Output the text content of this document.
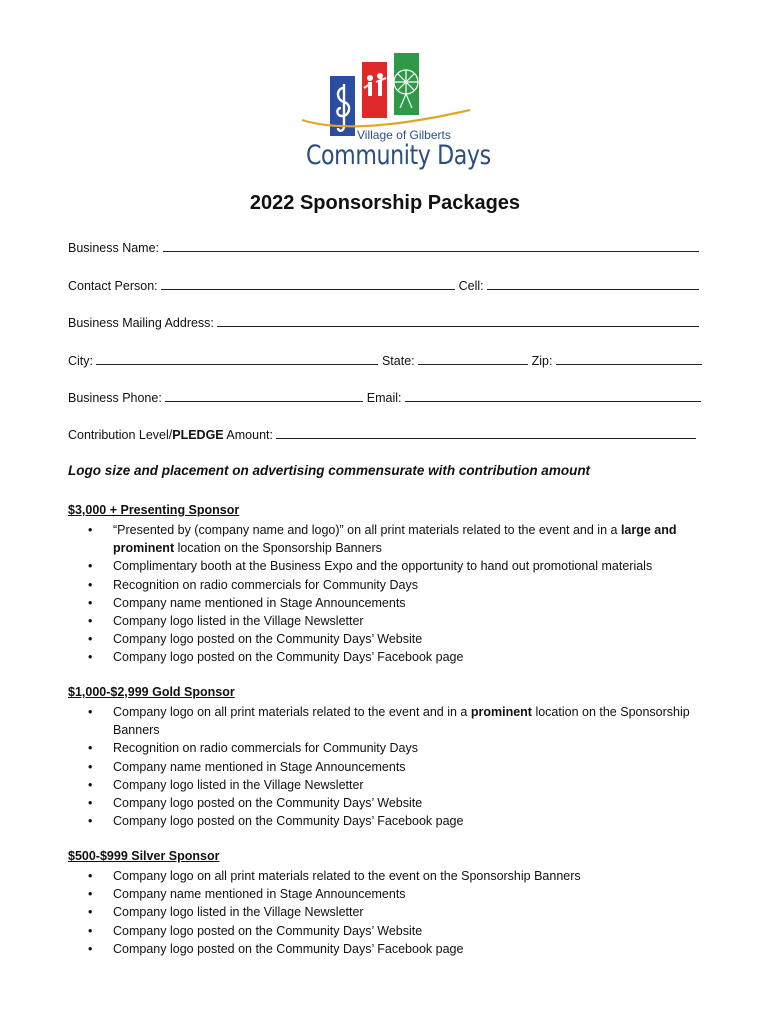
Village of Gilberts
Community Days
2022 Sponsorship Packages
Business Name:
Contact Person:	Cell:
Business Mailing Address:
City:	State:	Zip:
Business Phone:	Email:
Contribution Level/PLEDGE Amount:
Logo size and placement on advertising commensurate with contribution amount
$3,000 + Presenting Sponsor
• “Presented by (company name and logo)” on all print materials related to the event and in a large and prominent location on the Sponsorship Banners
• Complimentary booth at the Business Expo and the opportunity to hand out promotional materials
• Recognition on radio commercials for Community Days
• Company name mentioned in Stage Announcements
• Company logo listed in the Village Newsletter
• Company logo posted on the Community Days’ Website
• Company logo posted on the Community Days’ Facebook page
$1,000-$2,999 Gold Sponsor
• Company logo on all print materials related to the event and in a prominent location on the Sponsorship Banners
• Recognition on radio commercials for Community Days
• Company name mentioned in Stage Announcements
• Company logo listed in the Village Newsletter
• Company logo posted on the Community Days’ Website
• Company logo posted on the Community Days’ Facebook page
$500-$999 Silver Sponsor
• Company logo on all print materials related to the event on the Sponsorship Banners
• Company name mentioned in Stage Announcements
• Company logo listed in the Village Newsletter
• Company logo posted on the Community Days’ Website
• Company logo posted on the Community Days’ Facebook page
